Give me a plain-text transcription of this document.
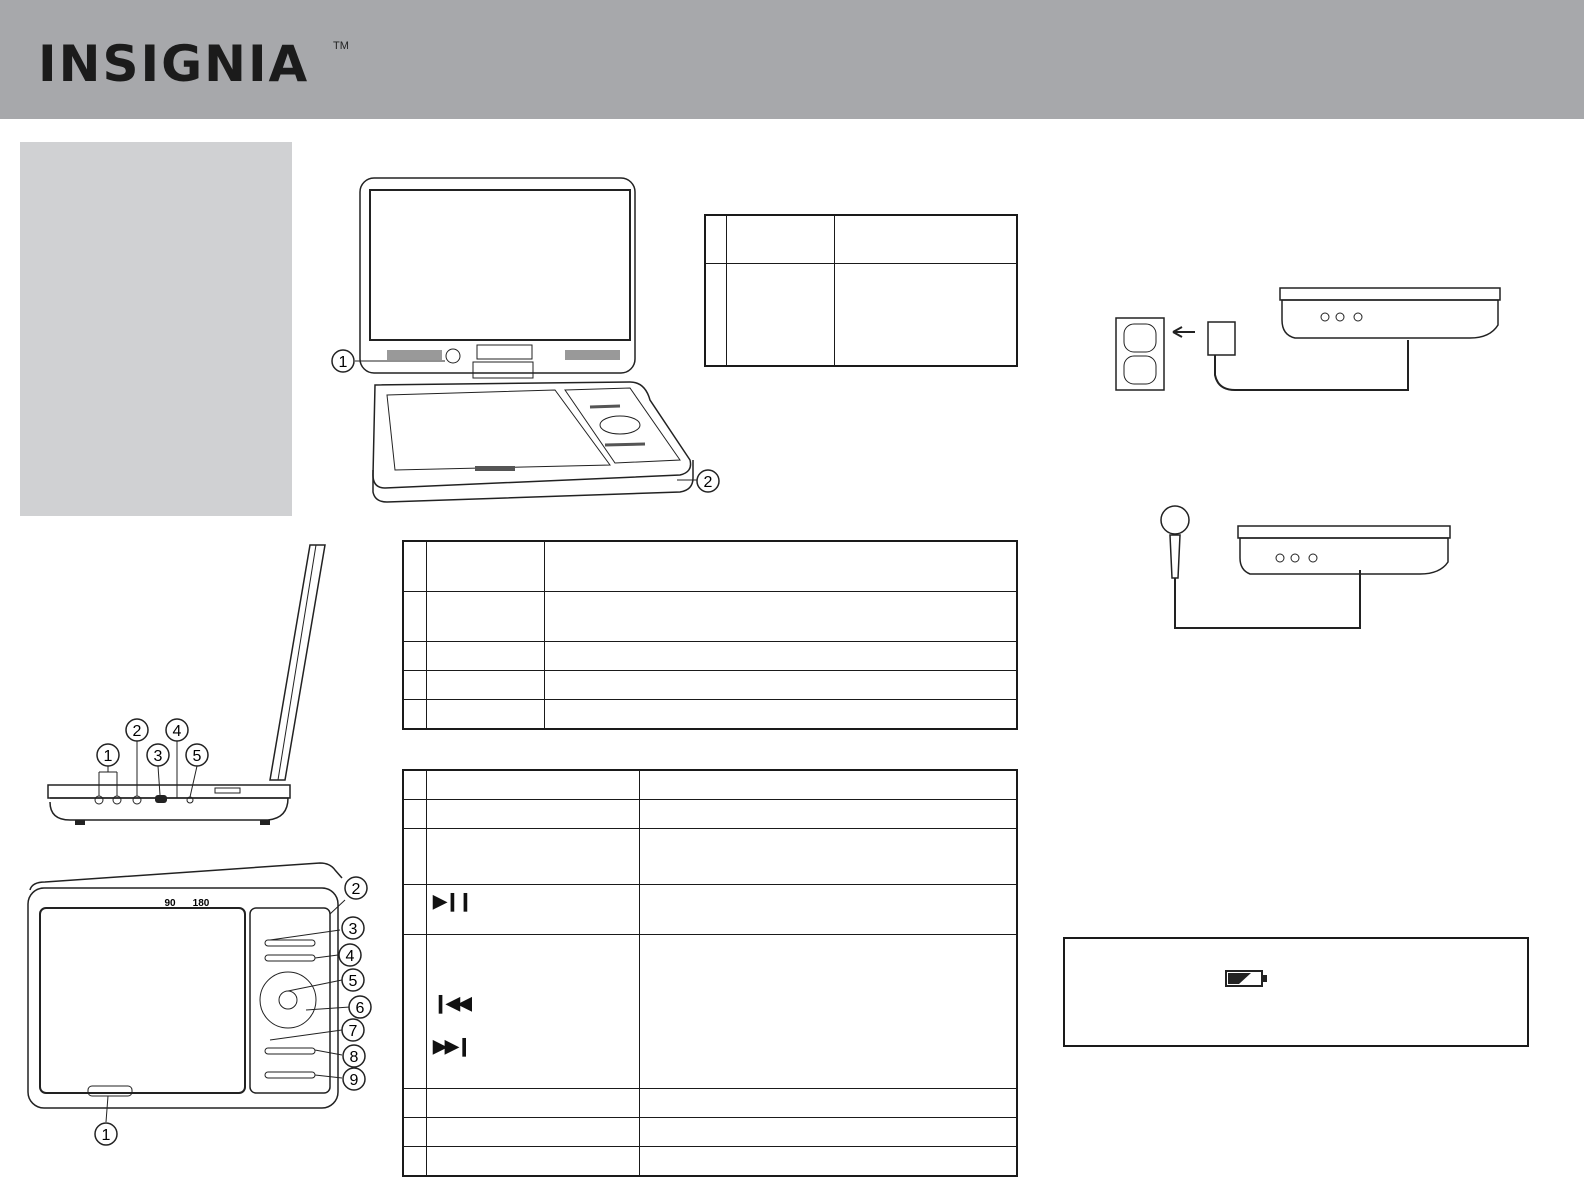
INSIGNIA TM
1
2

1
2
3
4
5

90 180
2
3
4
5
6
7
8
9
1

	▶❙❙	

	❙◀◀
▶▶❙	
